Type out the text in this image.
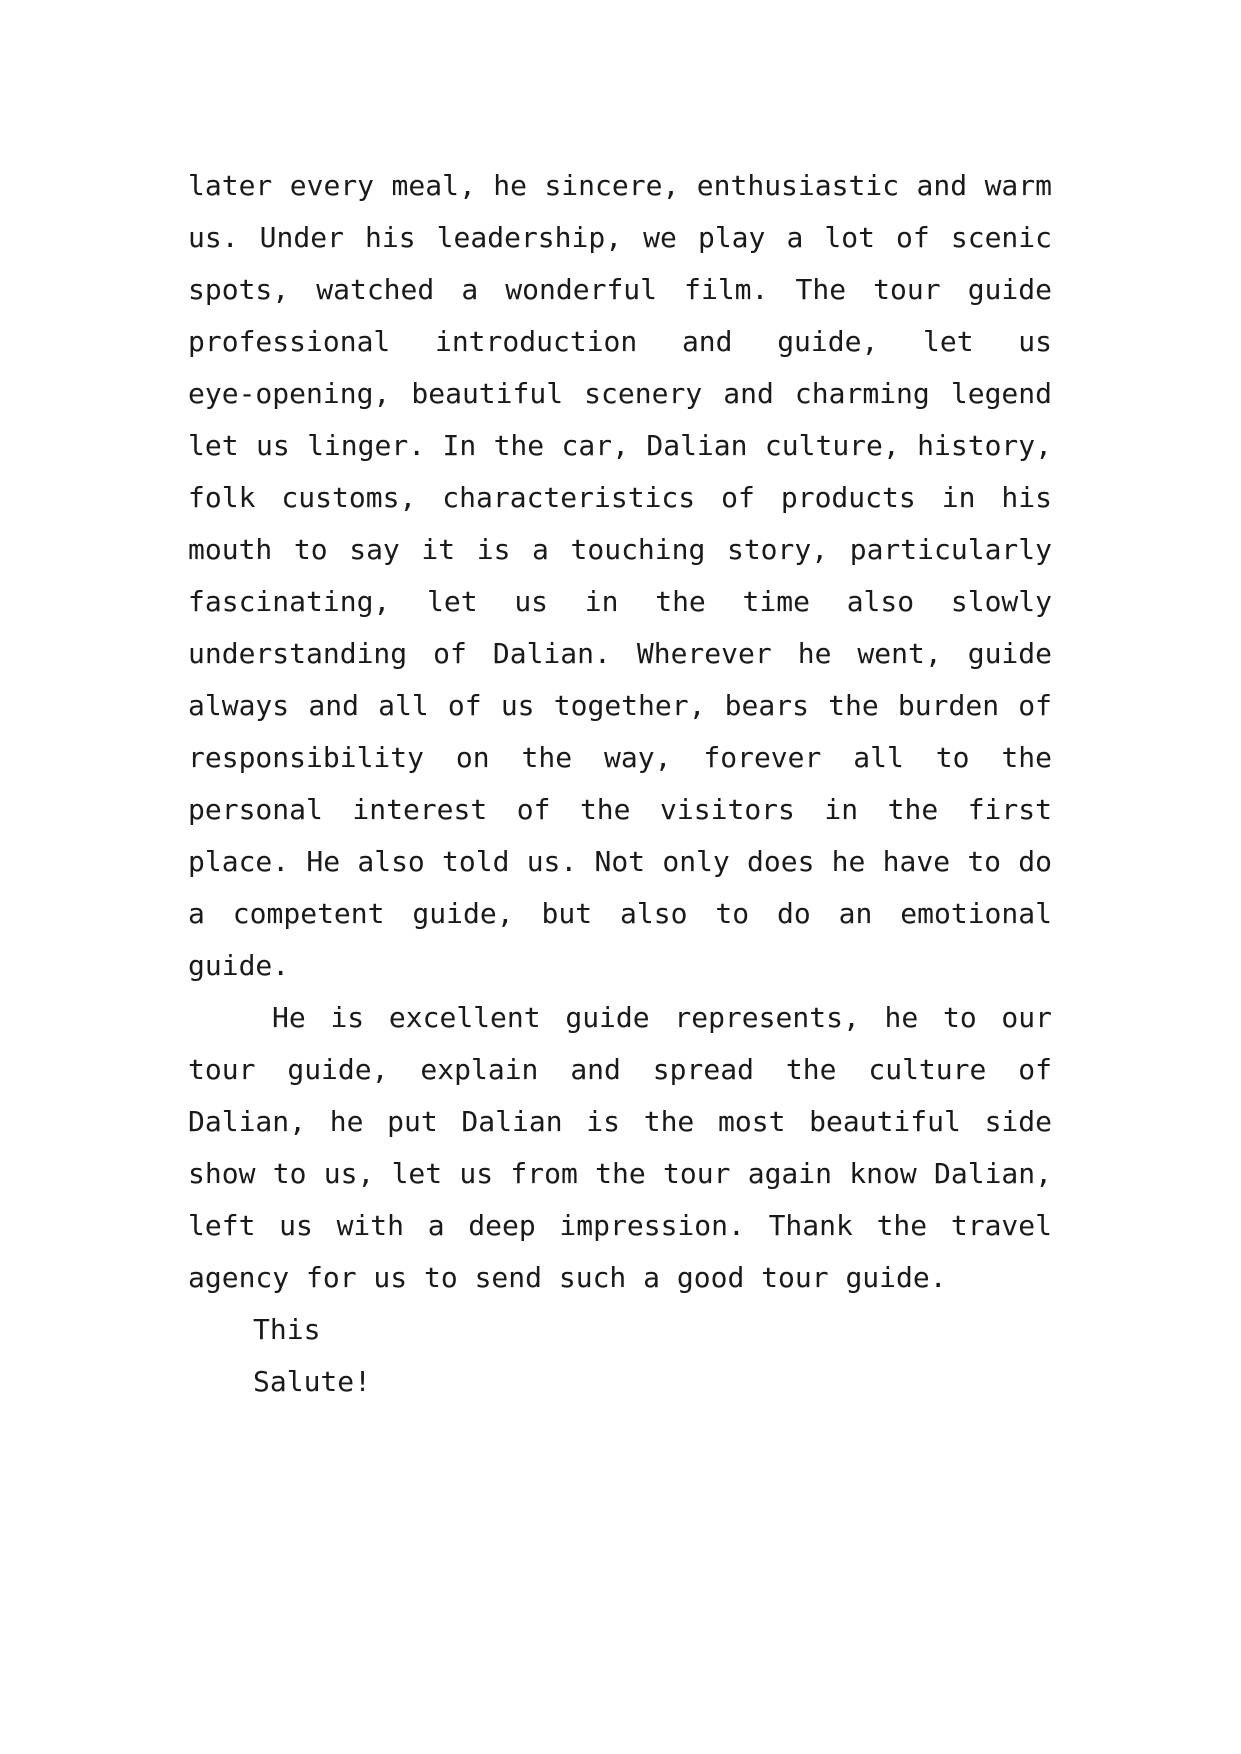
later every meal, he sincere, enthusiastic and warm
us. Under his leadership, we play a lot of scenic
spots, watched a wonderful film. The tour guide
professional introduction and guide, let us
eye-opening, beautiful scenery and charming legend
let us linger. In the car, Dalian culture, history,
folk customs, characteristics of products in his
mouth to say it is a touching story, particularly
fascinating, let us in the time also slowly
understanding of Dalian. Wherever he went, guide
always and all of us together, bears the burden of
responsibility on the way, forever all to the
personal interest of the visitors in the first
place. He also told us. Not only does he have to do
a competent guide, but also to do an emotional
guide.
He is excellent guide represents, he to our
tour guide, explain and spread the culture of
Dalian, he put Dalian is the most beautiful side
show to us, let us from the tour again know Dalian,
left us with a deep impression. Thank the travel
agency for us to send such a good tour guide.
This
Salute!
